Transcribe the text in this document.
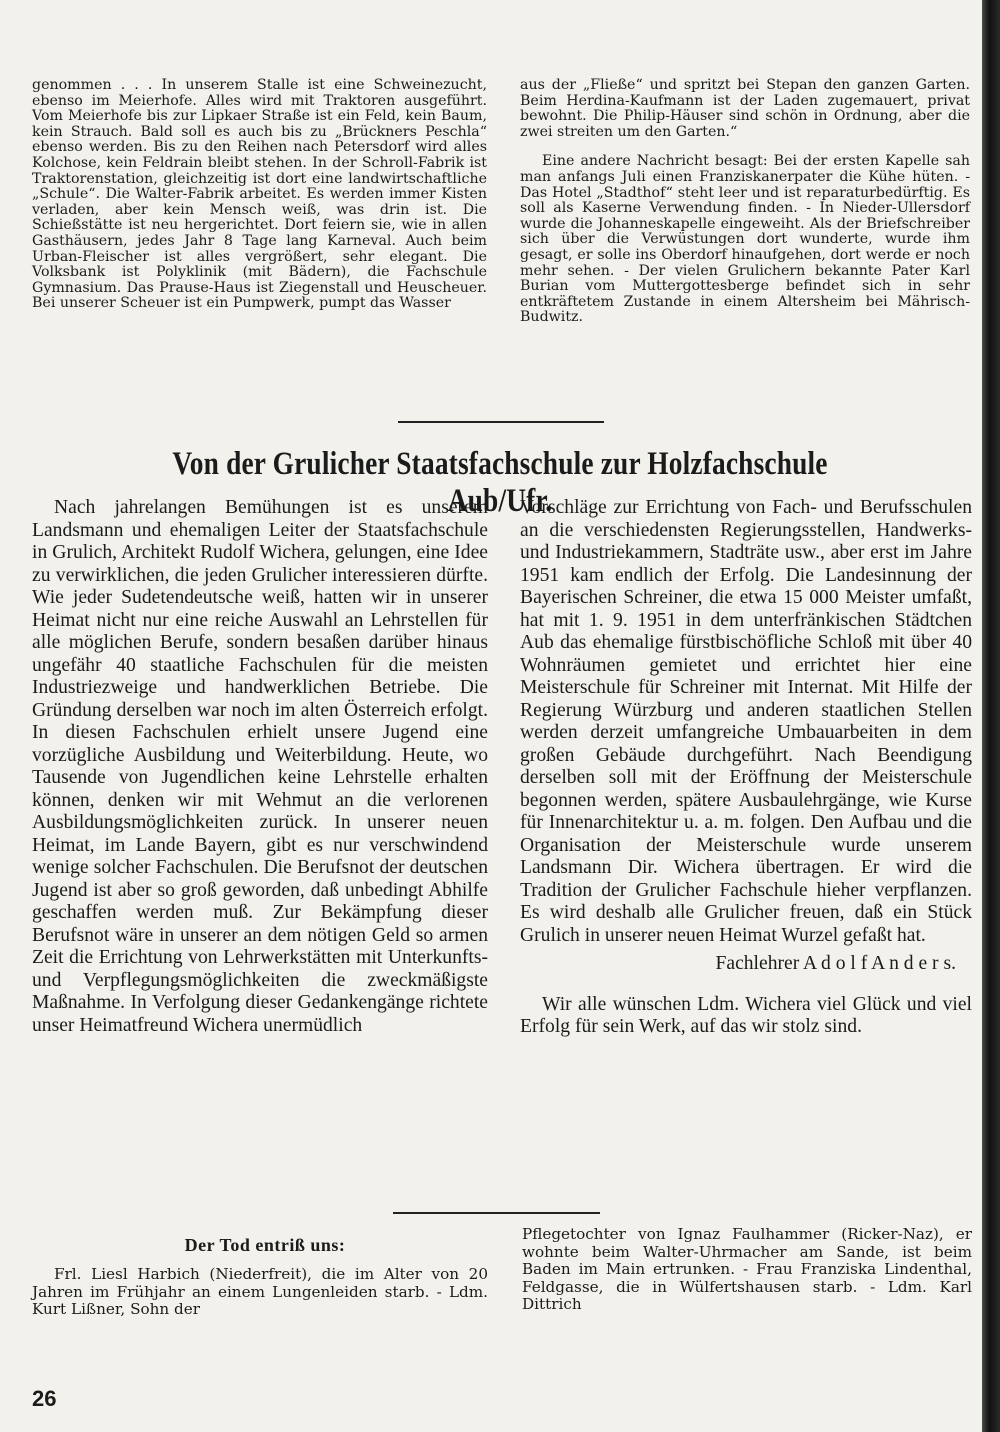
genommen . . . In unserem Stalle ist eine Schweinezucht, ebenso im Meierhofe. Alles wird mit Traktoren ausgeführt. Vom Meierhofe bis zur Lipkaer Straße ist ein Feld, kein Baum, kein Strauch. Bald soll es auch bis zu „Brückners Peschla“ ebenso werden. Bis zu den Reihen nach Petersdorf wird alles Kolchose, kein Feldrain bleibt stehen. In der Schroll-Fabrik ist Traktorenstation, gleichzeitig ist dort eine landwirtschaftliche „Schule“. Die Walter-Fabrik arbeitet. Es werden immer Kisten verladen, aber kein Mensch weiß, was drin ist. Die Schießstätte ist neu hergerichtet. Dort feiern sie, wie in allen Gasthäusern, jedes Jahr 8 Tage lang Karneval. Auch beim Urban-Fleischer ist alles vergrößert, sehr elegant. Die Volksbank ist Polyklinik (mit Bädern), die Fachschule Gymnasium. Das Prause-Haus ist Ziegenstall und Heuscheuer. Bei unserer Scheuer ist ein Pumpwerk, pumpt das Wasser

aus der „Fließe“ und spritzt bei Stepan den ganzen Garten. Beim Herdina-Kaufmann ist der Laden zugemauert, privat bewohnt. Die Philip-Häuser sind schön in Ordnung, aber die zwei streiten um den Garten.“

Eine andere Nachricht besagt: Bei der ersten Kapelle sah man anfangs Juli einen Franziskanerpater die Kühe hüten. - Das Hotel „Stadthof“ steht leer und ist reparaturbedürftig. Es soll als Kaserne Verwendung finden. - In Nieder-Ullersdorf wurde die Johanneskapelle eingeweiht. Als der Briefschreiber sich über die Verwüstungen dort wunderte, wurde ihm gesagt, er solle ins Oberdorf hinaufgehen, dort werde er noch mehr sehen. - Der vielen Grulichern bekannte Pater Karl Burian vom Muttergottesberge befindet sich in sehr entkräftetem Zustande in einem Altersheim bei Mährisch-Budwitz.

Von der Grulicher Staatsfachschule zur Holzfachschule Aub/Ufr.

Nach jahrelangen Bemühungen ist es unserem Landsmann und ehemaligen Leiter der Staatsfachschule in Grulich, Architekt Rudolf Wichera, gelungen, eine Idee zu verwirklichen, die jeden Grulicher interessieren dürfte. Wie jeder Sudetendeutsche weiß, hatten wir in unserer Heimat nicht nur eine reiche Auswahl an Lehrstellen für alle möglichen Berufe, sondern besaßen darüber hinaus ungefähr 40 staatliche Fachschulen für die meisten Industriezweige und handwerklichen Betriebe. Die Gründung derselben war noch im alten Österreich erfolgt. In diesen Fachschulen erhielt unsere Jugend eine vorzügliche Ausbildung und Weiterbildung. Heute, wo Tausende von Jugendlichen keine Lehrstelle erhalten können, denken wir mit Wehmut an die verlorenen Ausbildungsmöglichkeiten zurück. In unserer neuen Heimat, im Lande Bayern, gibt es nur verschwindend wenige solcher Fachschulen. Die Berufsnot der deutschen Jugend ist aber so groß geworden, daß unbedingt Abhilfe geschaffen werden muß. Zur Bekämpfung dieser Berufsnot wäre in unserer an dem nötigen Geld so armen Zeit die Errichtung von Lehrwerkstätten mit Unterkunfts- und Verpflegungsmöglichkeiten die zweckmäßigste Maßnahme. In Verfolgung dieser Gedankengänge richtete unser Heimatfreund Wichera unermüdlich

Vorschläge zur Errichtung von Fach- und Berufsschulen an die verschiedensten Regierungsstellen, Handwerks- und Industriekammern, Stadträte usw., aber erst im Jahre 1951 kam endlich der Erfolg. Die Landesinnung der Bayerischen Schreiner, die etwa 15 000 Meister umfaßt, hat mit 1. 9. 1951 in dem unterfränkischen Städtchen Aub das ehemalige fürstbischöfliche Schloß mit über 40 Wohnräumen gemietet und errichtet hier eine Meisterschule für Schreiner mit Internat. Mit Hilfe der Regierung Würzburg und anderen staatlichen Stellen werden derzeit umfangreiche Umbauarbeiten in dem großen Gebäude durchgeführt. Nach Beendigung derselben soll mit der Eröffnung der Meisterschule begonnen werden, spätere Ausbaulehrgänge, wie Kurse für Innenarchitektur u. a. m. folgen. Den Aufbau und die Organisation der Meisterschule wurde unserem Landsmann Dir. Wichera übertragen. Er wird die Tradition der Grulicher Fachschule hieher verpflanzen. Es wird deshalb alle Grulicher freuen, daß ein Stück Grulich in unserer neuen Heimat Wurzel gefaßt hat.

Fachlehrer A d o l f A n d e r s.

Wir alle wünschen Ldm. Wichera viel Glück und viel Erfolg für sein Werk, auf das wir stolz sind.

Der Tod entriß uns:

Frl. Liesl Harbich (Niederfreit), die im Alter von 20 Jahren im Frühjahr an einem Lungenleiden starb. - Ldm. Kurt Lißner, Sohn der

Pflegetochter von Ignaz Faulhammer (Ricker-Naz), er wohnte beim Walter-Uhrmacher am Sande, ist beim Baden im Main ertrunken. - Frau Franziska Lindenthal, Feldgasse, die in Wülfertshausen starb. - Ldm. Karl Dittrich

26
